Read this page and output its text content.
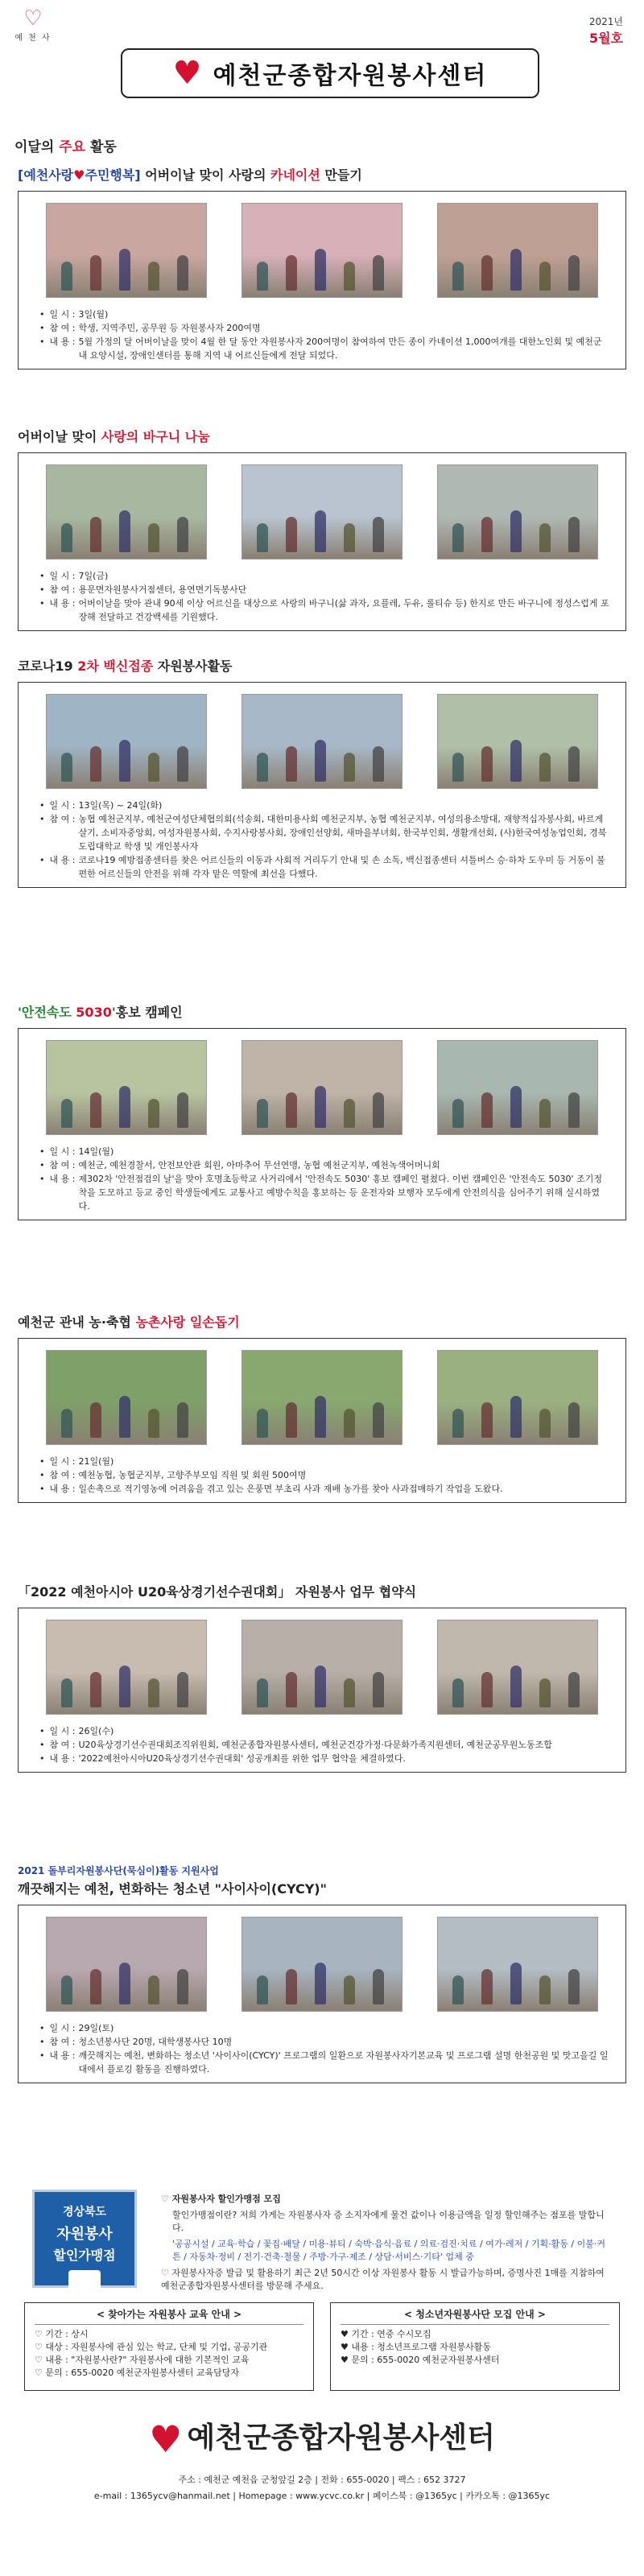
♡
예 천 사
2021년
5월호
♥ 예천군종합자원봉사센터
이달의 주요 활동
[예천사랑♥주민행복] 어버이날 맞이 사랑의 카네이션 만들기
• 일 시 : 3일(월)
• 참 여 : 학생, 지역주민, 공무원 등 자원봉사자 200여명
• 내 용 : 5월 가정의 달 어버이날을 맞이 4월 한 달 동안 자원봉사자 200여명이 참여하여 만든 종이 카네이션 1,000여개를 대한노인회 및 예천군내 요양시설, 장애인센터를 통해 지역 내 어르신들에게 전달 되었다.
어버이날 맞이 사랑의 바구니 나눔
• 일 시 : 7일(금)
• 참 여 : 용문면자원봉사거점센터, 용연면기독봉사단
• 내 용 : 어버이날을 맞아 관내 90세 이상 어르신을 대상으로 사랑의 바구니(삶 과자, 요플레, 두유, 롤티슈 등) 한지로 만든 바구니에 정성스럽게 포장해 전달하고 건강백세를 기원했다.
코로나19 2차 백신접종 자원봉사활동
• 일 시 : 13일(목) ~ 24일(화)
• 참 여 : 농협 예천군지부, 예천군여성단체협의회(석송회, 대한미용사회 예천군지부, 농협 예천군지부, 여성의용소방대, 재향적십자봉사회, 바르게살기, 소비자중앙회, 여성자원봉사회, 수지사랑봉사회, 장애인선양회, 새마을부녀회, 한국부인회, 생활개선회, (사)한국여성농업인회, 경북도립대학교 학생 및 개인봉사자
• 내 용 : 코로나19 예방접종센터를 찾은 어르신들의 이동과 사회적 거리두기 안내 및 손 소독, 백신접종센터 셔틀버스 승·하차 도우미 등 거동이 불편한 어르신들의 안전을 위해 각자 맡은 역할에 최선을 다했다.
'안전속도 5030'홍보 캠페인
• 일 시 : 14일(월)
• 참 여 : 예천군, 예천경찰서, 안전보안관 회원, 아마추어 무선연맹, 농협 예천군지부, 예천녹색어머니회
• 내 용 : 제302차 '안전점검의 날'을 맞아 호명초등학교 사거리에서 '안전속도 5030' 홍보 캠페인 펼쳤다. 이번 캠페인은 '안전속도 5030' 조기정착을 도모하고 등교 중인 학생들에게도 교통사고 예방수칙을 홍보하는 등 운전자와 보행자 모두에게 안전의식을 심어주기 위해 실시하였다.
예천군 관내 농·축협 농촌사랑 일손돕기
• 일 시 : 21일(월)
• 참 여 : 예천농협, 농협군지부, 고향주부모임 직원 및 회원 500여명
• 내 용 : 일손촉으로 적기영농에 어려움을 겪고 있는 은풍면 부초리 사과 재배 농가를 찾아 사과접매하기 작업을 도왔다.
「2022 예천아시아 U20육상경기선수권대회」 자원봉사 업무 협약식
• 일 시 : 26일(수)
• 참 여 : U20육상경기선수권대회조직위원회, 예천군종합자원봉사센터, 예천군건강가정·다문화가족지원센터, 예천군공무원노동조합
• 내 용 : '2022예천아시아U20육상경기선수권대회' 성공개최를 위한 업무 협약을 체결하였다.
2021 돌부리자원봉사단(묵심이)활동 지원사업
깨끗해지는 예천, 변화하는 청소년 "사이사이(CYCY)"
• 일 시 : 29일(토)
• 참 여 : 청소년봉사단 20명, 대학생봉사단 10명
• 내 용 : 깨끗해지는 예천, 변화하는 청소년 '사이사이(CYCY)' 프로그램의 일환으로 자원봉사자기본교육 및 프로그램 설명 한천공원 및 맛고을길 일대에서 플로깅 활동을 진행하였다.
경상북도
자원봉사
할인가맹점
♡ 자원봉사자 할인가맹점 모집
할인가맹점이란? 저희 가게는 자원봉사자 증 소지자에게 물건 값이나 이용금액을 일정 할인해주는 점포를 말합니다.
'공공시설 / 교육·학습 / 꽃집·배달 / 미용·뷰티 / 숙박·음식·음료 / 의료·검진·치료 / 여가·레저 / 기획·활동 / 이불·커튼 / 자동차·정비 / 전기·건축·철물 / 주방·가구·제조 / 상담·서비스·기타' 업체 중
♡ 자원봉사자증 발급 및 활용하기 최근 2년 50시간 이상 자원봉사 활동 시 발급가능하며, 증명사진 1매를 지참하여 예천군종합자원봉사센터를 방문해 주세요.
< 찾아가는 자원봉사 교육 안내 >
♡ 기간 : 상시
♡ 대상 : 자원봉사에 관심 있는 학교, 단체 및 기업, 공공기관
♡ 내용 : "자원봉사란?" 자원봉사에 대한 기본적인 교육
♡ 문의 : 655-0020 예천군자원봉사센터 교육담당자
< 청소년자원봉사단 모집 안내 >
♥ 기간 : 연중 수시모집
♥ 내용 : 청소년프로그램 자원봉사활동
♥ 문의 : 655-0020 예천군자원봉사센터
♥ 예천군종합자원봉사센터
주소 : 예천군 예천읍 군청앞길 2층 | 전화 : 655-0020 | 팩스 : 652 3727
e-mail : 1365ycv@hanmail.net | Homepage : www.ycvc.co.kr | 페이스북 : @1365yc | 카카오톡 : @1365yc
